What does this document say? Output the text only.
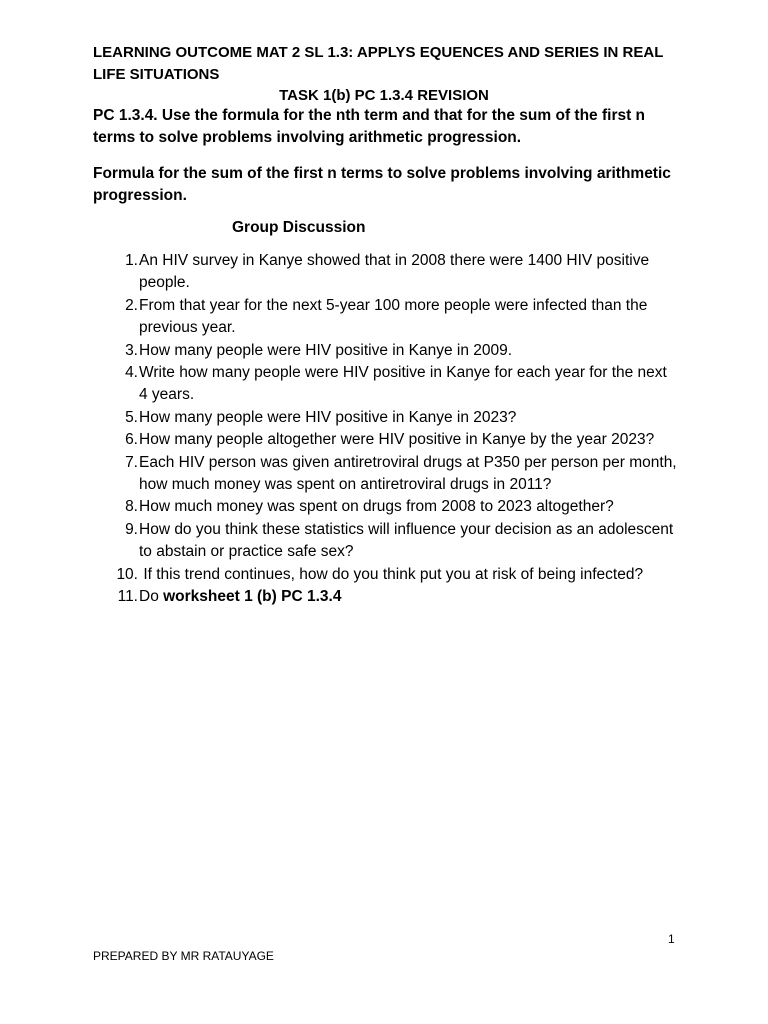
LEARNING OUTCOME MAT 2 SL 1.3: APPLYS EQUENCES AND SERIES IN REAL LIFE SITUATIONS
TASK 1(b) PC 1.3.4 REVISION
PC 1.3.4. Use the formula for the nth term and that for the sum of the first n terms to solve problems involving arithmetic progression.
Formula for the sum of the first n terms to solve problems involving arithmetic progression.
Group Discussion
1. An HIV survey in Kanye showed that in 2008 there were 1400 HIV positive people.
2. From that year for the next 5-year 100 more people were infected than the previous year.
3. How many people were HIV positive in Kanye in 2009.
4. Write how many people were HIV positive in Kanye for each year for the next 4 years.
5. How many people were HIV positive in Kanye in 2023?
6. How many people altogether were HIV positive in Kanye by the year 2023?
7. Each HIV person was given antiretroviral drugs at P350 per person per month, how much money was spent on antiretroviral drugs in 2011?
8. How much money was spent on drugs from 2008 to 2023 altogether?
9. How do you think these statistics will influence your decision as an adolescent to abstain or practice safe sex?
10. If this trend continues, how do you think put you at risk of being infected?
11. Do worksheet 1 (b) PC 1.3.4
1
PREPARED BY MR RATAUYAGE
